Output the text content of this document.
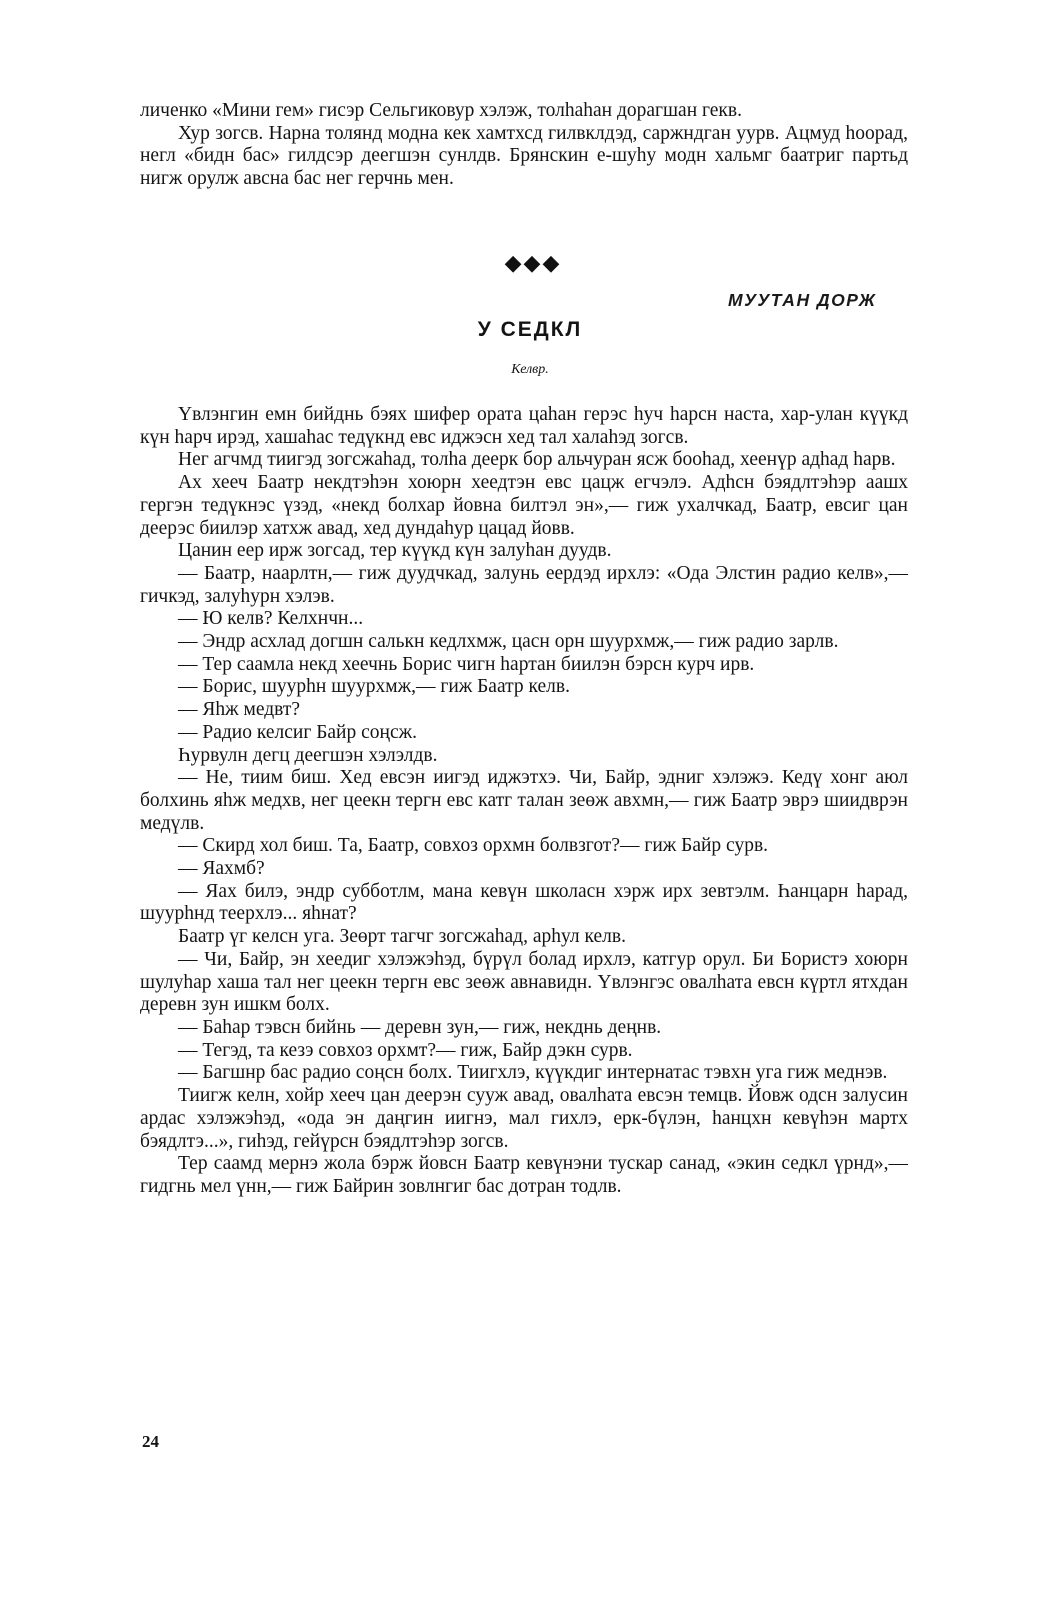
личенко «Мини гем» гисэр Сельгиковур хэлэж, толһаһан дорагшан гекв.

Хур зогсв. Нарна толянд модна кек хамтхсд гилвклдэд, саржндган уурв. Ацмуд һоорад, негл «бидн бас» гилдсэр деегшэн сунлдв. Брянскин е-шуһу модн хальмг баатриг партьд нигж орулж авсна бас нег герчнь мен.

◆◆◆
МУУТАН ДОРЖ
У СЕДКЛ
Келвр.

Үвлэнгин емн бийднь бэях шифер ората цаһан герэс һуч һарсн наста, хар-улан күүкд күн һарч ирэд, хашаһас тедүкнд евс иджэсн хед тал халаһэд зогсв.

Нег агчмд тиигэд зогсжаһад, толһа деерк бор альчуран ясж бооһад, хеенүр адһад һарв.

Ах хееч Баатр некдтэһэн хоюрн хеедтэн евс цацж егчэлэ. Адһсн бэядлтэһэр аашх гергэн тедүкнэс үзэд, «некд болхар йовна билтэл эн»,— гиж ухалчкад, Баатр, евсиг цан деерэс биилэр хатхж авад, хед дундаһур цацад йовв.

Цанин еер ирж зогсад, тер күүкд күн залуһан дуудв.

— Баатр, наарлтн,— гиж дуудчкад, залунь еердэд ирхлэ: «Ода Элстин радио келв»,— гичкэд, залуһурн хэлэв.

— Ю келв? Келхнчн...

— Эндр асхлад догшн салькн кедлхмж, цасн орн шуурхмж,— гиж радио зарлв.

— Тер саамла некд хеечнь Борис чигн һартан биилэн бэрсн курч ирв.

— Борис, шуурһн шуурхмж,— гиж Баатр келв.

— Яһж медвт?

— Радио келсиг Байр соңсж.

Һурвулн дегц деегшэн хэлэлдв.

— Не, тиим биш. Хед евсэн иигэд иджэтхэ. Чи, Байр, эдниг хэлэжэ. Кедү хонг аюл болхинь яһж медхв, нег цеекн тергн евс катг талан зеөж авхмн,— гиж Баатр эврэ шиидврэн медүлв.

— Скирд хол биш. Та, Баатр, совхоз орхмн болвзгот?— гиж Байр сурв.

— Яахмб?

— Яах билэ, эндр субботлм, мана кевүн школасн хэрж ирх зевтэлм. Һанцарн һарад, шуурһнд теерхлэ... яһнат?

Баатр үг келсн уга. Зеөрт тагчг зогсжаһад, арһул келв.

— Чи, Байр, эн хеедиг хэлэжэһэд, бүрүл болад ирхлэ, катгур орул. Би Бористэ хоюрн шулуһар хаша тал нег цеекн тергн евс зеөж авнавидн. Үвлэнгэс овалһата евсн күртл ятхдан деревн зун ишкм болх.

— Баһар тэвсн бийнь — деревн зун,— гиж, некднь деңнв.

— Тегэд, та кезэ совхоз орхмт?— гиж, Байр дэкн сурв.

— Багшнр бас радио соңсн болх. Тиигхлэ, күүкдиг интернатас тэвхн уга гиж меднэв.

Тиигж келн, хойр хееч цан деерэн сууж авад, овалһата евсэн темцв. Йовж одсн залусин ардас хэлэжэһэд, «ода эн даңгин иигнэ, мал гихлэ, ерк-бүлэн, һанцхн кевүһэн мартх бэядлтэ...», гиһэд, гейүрсн бэядлтэһэр зогсв.

Тер саамд мернэ жола бэрж йовсн Баатр кевүнэни тускар санад, «экин седкл үрнд»,— гидгнь мел үнн,— гиж Байрин зовлнгиг бас дотран тодлв.

24
